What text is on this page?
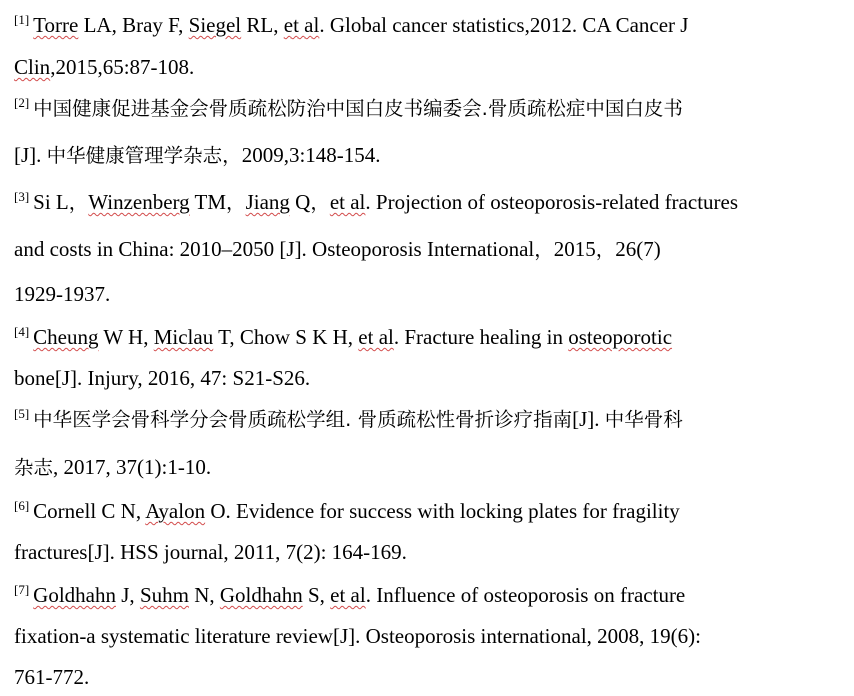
[1] Torre LA, Bray F, Siegel RL, et al. Global cancer statistics,2012. CA Cancer J
Clin,2015,65:87-108.
[2] 中国健康促进基金会骨质疏松防治中国白皮书编委会.骨质疏松症中国白皮书
[J]. 中华健康管理学杂志，2009,3:148-154.
[3] Si L，Winzenberg TM，Jiang Q，et al. Projection of osteoporosis-related fractures
and costs in China: 2010–2050 [J]. Osteoporosis International，2015，26(7)
1929-1937.
[4] Cheung W H, Miclau T, Chow S K H, et al. Fracture healing in osteoporotic
bone[J]. Injury, 2016, 47: S21-S26.
[5] 中华医学会骨科学分会骨质疏松学组. 骨质疏松性骨折诊疗指南[J]. 中华骨科
杂志, 2017, 37(1):1-10.
[6] Cornell C N, Ayalon O. Evidence for success with locking plates for fragility
fractures[J]. HSS journal, 2011, 7(2): 164-169.
[7] Goldhahn J, Suhm N, Goldhahn S, et al. Influence of osteoporosis on fracture
fixation-a systematic literature review[J]. Osteoporosis international, 2008, 19(6):
761-772.
